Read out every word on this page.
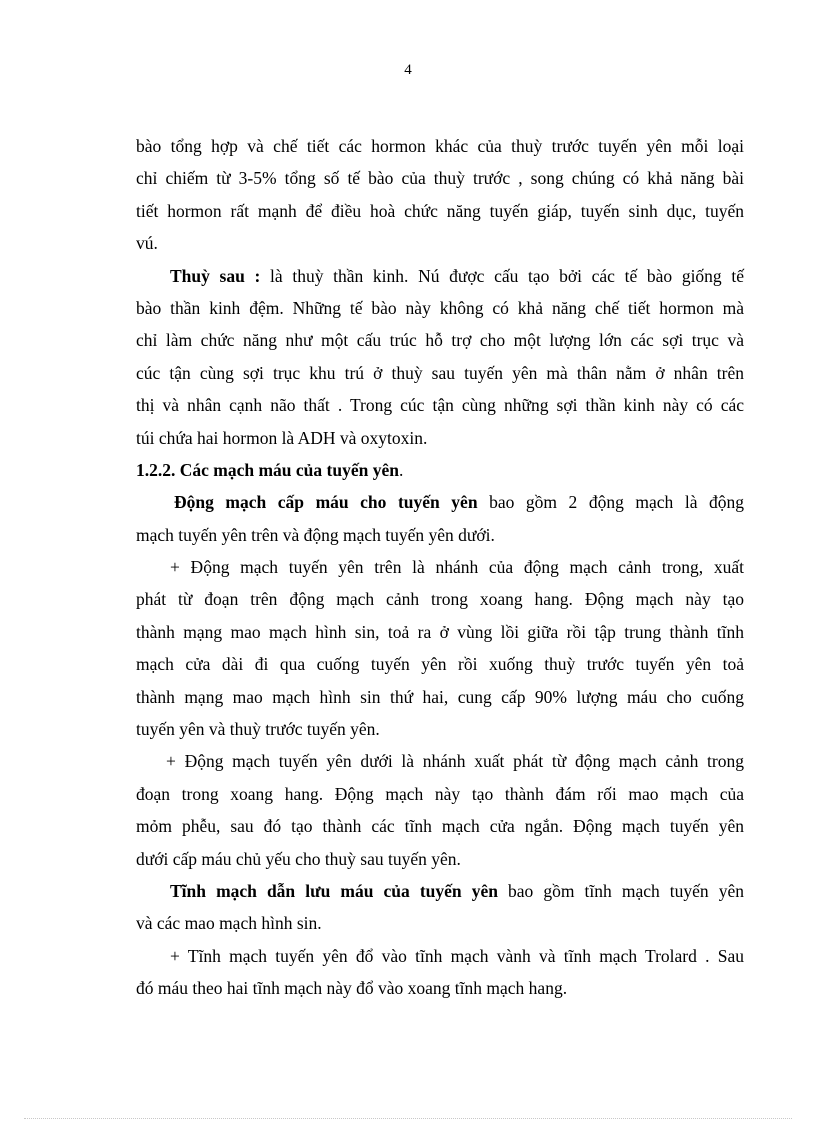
4
bào tổng hợp và chế tiết các hormon khác của thuỳ trước tuyến yên mỗi loại
chỉ chiếm từ 3-5% tổng số tế bào của thuỳ trước , song chúng có khả năng bài
tiết hormon rất mạnh để điều hoà chức năng tuyến giáp, tuyến sinh dục, tuyến
vú.
Thuỳ sau : là thuỳ thần kinh. Nú được cấu tạo bởi các tế bào giống tế
bào thần kinh đệm. Những tế bào này không có khả năng chế tiết hormon mà
chỉ làm chức năng như một cấu trúc hỗ trợ cho một lượng lớn các sợi trục và
cúc tận cùng sợi trục khu trú ở thuỳ sau tuyến yên mà thân nằm ở nhân trên
thị và nhân cạnh não thất . Trong cúc tận cùng những sợi thần kinh này có các
túi chứa hai hormon là ADH và oxytoxin.
1.2.2. Các mạch máu của tuyến yên.
Động mạch cấp máu cho tuyến yên bao gồm 2 động mạch là động
mạch tuyến yên trên và động mạch tuyến yên dưới.
+ Động mạch tuyến yên trên là nhánh của động mạch cảnh trong, xuất
phát từ đoạn trên động mạch cảnh trong xoang hang. Động mạch này tạo
thành mạng mao mạch hình sin, toả ra ở vùng lồi giữa rồi tập trung thành tĩnh
mạch cửa dài đi qua cuống tuyến yên rồi xuống thuỳ trước tuyến yên toả
thành mạng mao mạch hình sin thứ hai, cung cấp 90% lượng máu cho cuống
tuyến yên và thuỳ trước tuyến yên.
+ Động mạch tuyến yên dưới là nhánh xuất phát từ động mạch cảnh trong
đoạn trong xoang hang. Động mạch này tạo thành đám rối mao mạch của
mỏm phễu, sau đó tạo thành các tĩnh mạch cửa ngắn. Động mạch tuyến yên
dưới cấp máu chủ yếu cho thuỳ sau tuyến yên.
Tĩnh mạch dẫn lưu máu của tuyến yên bao gồm tĩnh mạch tuyến yên
và các mao mạch hình sin.
+ Tĩnh mạch tuyến yên đổ vào tĩnh mạch vành và tĩnh mạch Trolard . Sau
đó máu theo hai tĩnh mạch này đổ vào xoang tĩnh mạch hang.
